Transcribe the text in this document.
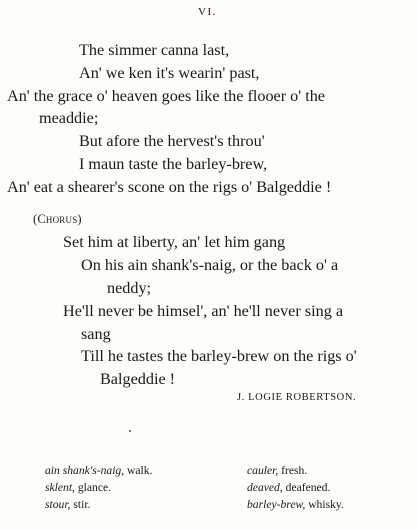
VI.
The simmer canna last,
An' we ken it's wearin' past,
An' the grace o' heaven goes like the flooer o' the
meaddie;
But afore the hervest's throu'
I maun taste the barley-brew,
An' eat a shearer's scone on the rigs o' Balgeddie !
(Chorus)
Set him at liberty, an' let him gang
On his ain shank's-naig, or the back o' a
neddy;
He'll never be himsel', an' he'll never sing a
sang
Till he tastes the barley-brew on the rigs o'
Balgeddie !
J. LOGIE ROBERTSON.
ain shank's-naig, walk.
sklent, glance.
stour, stir.
cauler, fresh.
deaved, deafened.
barley-brew, whisky.
